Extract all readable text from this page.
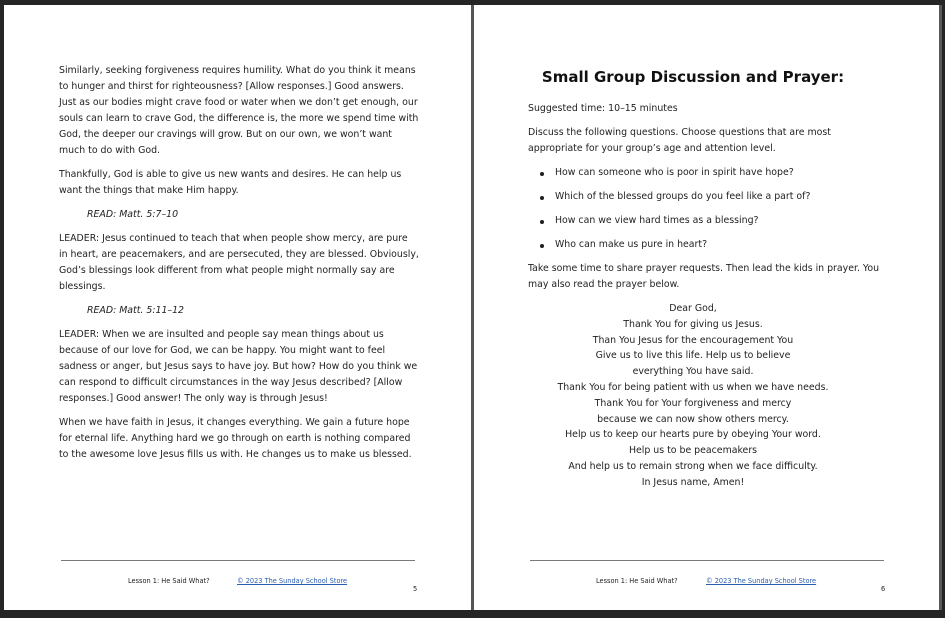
Similarly, seeking forgiveness requires humility. What do you think it means to hunger and thirst for righteousness? [Allow responses.] Good answers. Just as our bodies might crave food or water when we don’t get enough, our souls can learn to crave God, the difference is, the more we spend time with God, the deeper our cravings will grow. But on our own, we won’t want much to do with God.

Thankfully, God is able to give us new wants and desires. He can help us want the things that make Him happy.

READ: Matt. 5:7–10

LEADER: Jesus continued to teach that when people show mercy, are pure in heart, are peacemakers, and are persecuted, they are blessed. Obviously, God’s blessings look different from what people might normally say are blessings.

READ: Matt. 5:11–12

LEADER: When we are insulted and people say mean things about us because of our love for God, we can be happy. You might want to feel sadness or anger, but Jesus says to have joy. But how? How do you think we can respond to difficult circumstances in the way Jesus described? [Allow responses.] Good answer! The only way is through Jesus!

When we have faith in Jesus, it changes everything. We gain a future hope for eternal life. Anything hard we go through on earth is nothing compared to the awesome love Jesus fills us with. He changes us to make us blessed.

Lesson 1: He Said What?	© 2023 The Sunday School Store
5
Small Group Discussion and Prayer:

Suggested time: 10–15 minutes

Discuss the following questions. Choose questions that are most appropriate for your group’s age and attention level.

How can someone who is poor in spirit have hope?
Which of the blessed groups do you feel like a part of?
How can we view hard times as a blessing?
Who can make us pure in heart?

Take some time to share prayer requests. Then lead the kids in prayer. You may also read the prayer below.

Dear God,
Thank You for giving us Jesus.
Than You Jesus for the encouragement You
Give us to live this life. Help us to believe
everything You have said.
Thank You for being patient with us when we have needs.
Thank You for Your forgiveness and mercy
because we can now show others mercy.
Help us to keep our hearts pure by obeying Your word.
Help us to be peacemakers
And help us to remain strong when we face difficulty.
In Jesus name, Amen!
Lesson 1: He Said What?	© 2023 The Sunday School Store
6
